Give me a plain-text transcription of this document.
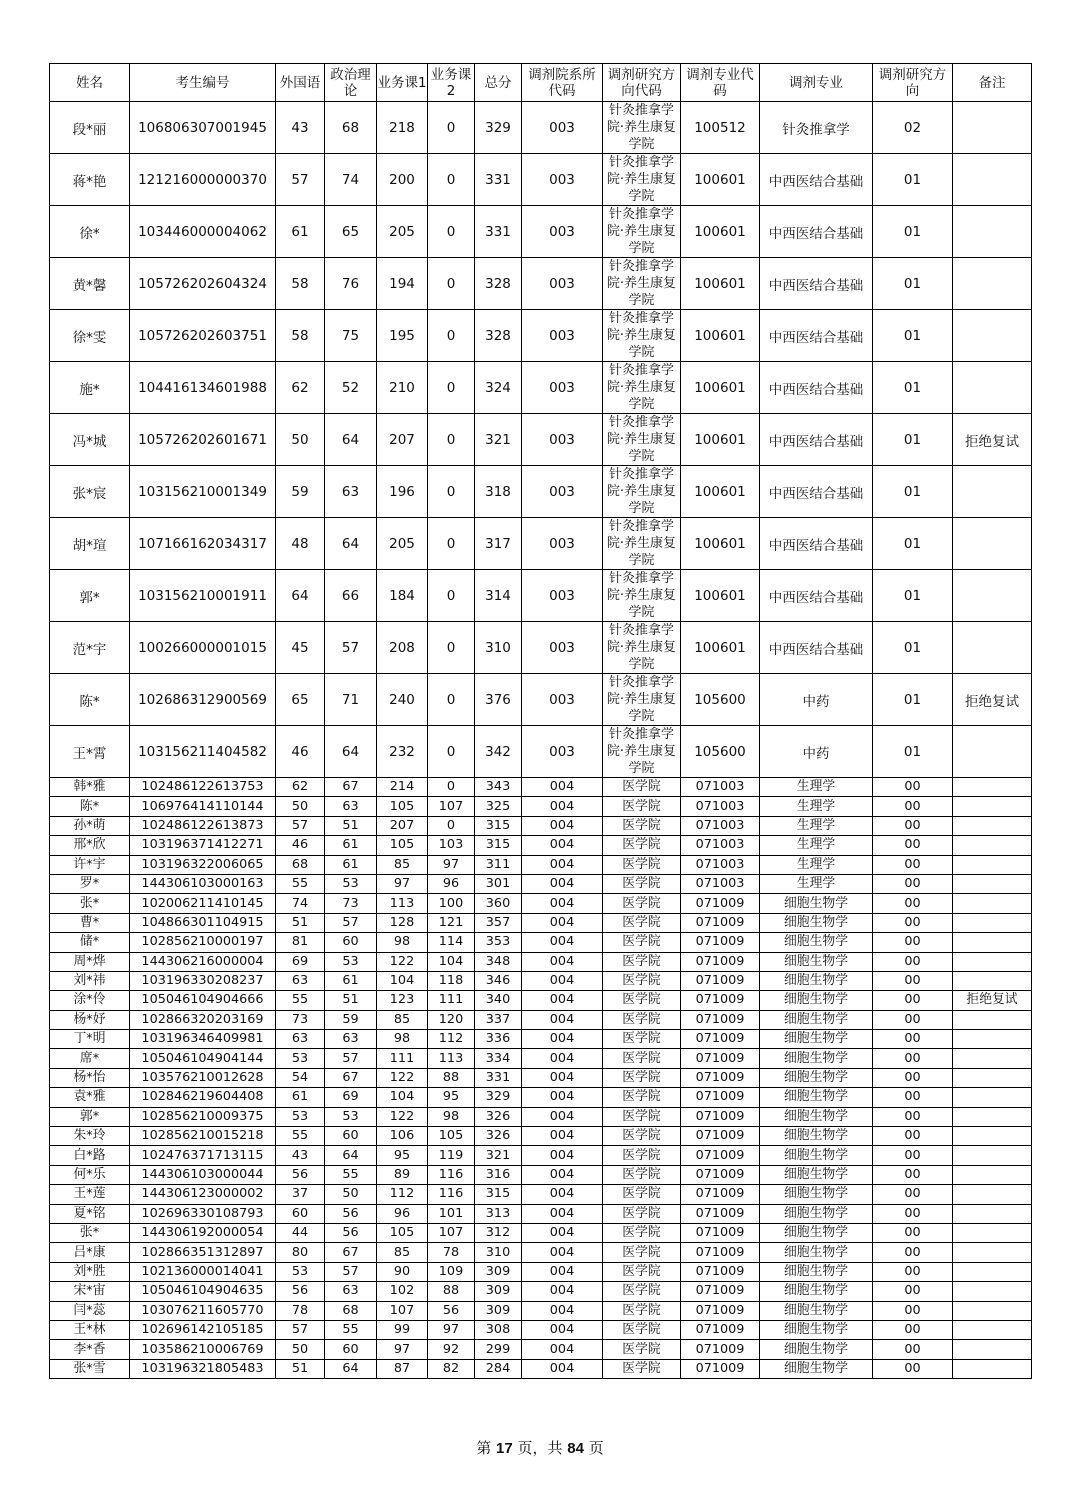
姓名	考生编号	外国语	政治理论	业务课1	业务课2	总分	调剂院系所代码	调剂研究方向代码	调剂专业代码	调剂专业	调剂研究方向	备注
段*丽	106806307001945	43	68	218	0	329	003	针灸推拿学院·养生康复学院	100512	针灸推拿学	02	
蒋*艳	121216000000370	57	74	200	0	331	003	针灸推拿学院·养生康复学院	100601	中西医结合基础	01	
徐*	103446000004062	61	65	205	0	331	003	针灸推拿学院·养生康复学院	100601	中西医结合基础	01	
黄*馨	105726202604324	58	76	194	0	328	003	针灸推拿学院·养生康复学院	100601	中西医结合基础	01	
徐*雯	105726202603751	58	75	195	0	328	003	针灸推拿学院·养生康复学院	100601	中西医结合基础	01	
施*	104416134601988	62	52	210	0	324	003	针灸推拿学院·养生康复学院	100601	中西医结合基础	01	
冯*城	105726202601671	50	64	207	0	321	003	针灸推拿学院·养生康复学院	100601	中西医结合基础	01	拒绝复试
张*宸	103156210001349	59	63	196	0	318	003	针灸推拿学院·养生康复学院	100601	中西医结合基础	01	
胡*瑄	107166162034317	48	64	205	0	317	003	针灸推拿学院·养生康复学院	100601	中西医结合基础	01	
郭*	103156210001911	64	66	184	0	314	003	针灸推拿学院·养生康复学院	100601	中西医结合基础	01	
范*宇	100266000001015	45	57	208	0	310	003	针灸推拿学院·养生康复学院	100601	中西医结合基础	01	
陈*	102686312900569	65	71	240	0	376	003	针灸推拿学院·养生康复学院	105600	中药	01	拒绝复试
王*霄	103156211404582	46	64	232	0	342	003	针灸推拿学院·养生康复学院	105600	中药	01	
韩*雅	102486122613753	62	67	214	0	343	004	医学院	071003	生理学	00	
陈*	106976414110144	50	63	105	107	325	004	医学院	071003	生理学	00	
孙*萌	102486122613873	57	51	207	0	315	004	医学院	071003	生理学	00	
邢*欣	103196371412271	46	61	105	103	315	004	医学院	071003	生理学	00	
许*宇	103196322006065	68	61	85	97	311	004	医学院	071003	生理学	00	
罗*	144306103000163	55	53	97	96	301	004	医学院	071003	生理学	00	
张*	102006211410145	74	73	113	100	360	004	医学院	071009	细胞生物学	00	
曹*	104866301104915	51	57	128	121	357	004	医学院	071009	细胞生物学	00	
储*	102856210000197	81	60	98	114	353	004	医学院	071009	细胞生物学	00	
周*烨	144306216000004	69	53	122	104	348	004	医学院	071009	细胞生物学	00	
刘*祎	103196330208237	63	61	104	118	346	004	医学院	071009	细胞生物学	00	
涂*伶	105046104904666	55	51	123	111	340	004	医学院	071009	细胞生物学	00	拒绝复试
杨*妤	102866320203169	73	59	85	120	337	004	医学院	071009	细胞生物学	00	
丁*明	103196346409981	63	63	98	112	336	004	医学院	071009	细胞生物学	00	
席*	105046104904144	53	57	111	113	334	004	医学院	071009	细胞生物学	00	
杨*怡	103576210012628	54	67	122	88	331	004	医学院	071009	细胞生物学	00	
袁*雅	102846219604408	61	69	104	95	329	004	医学院	071009	细胞生物学	00	
郭*	102856210009375	53	53	122	98	326	004	医学院	071009	细胞生物学	00	
朱*玲	102856210015218	55	60	106	105	326	004	医学院	071009	细胞生物学	00	
白*路	102476371713115	43	64	95	119	321	004	医学院	071009	细胞生物学	00	
何*乐	144306103000044	56	55	89	116	316	004	医学院	071009	细胞生物学	00	
王*莲	144306123000002	37	50	112	116	315	004	医学院	071009	细胞生物学	00	
夏*铭	102696330108793	60	56	96	101	313	004	医学院	071009	细胞生物学	00	
张*	144306192000054	44	56	105	107	312	004	医学院	071009	细胞生物学	00	
吕*康	102866351312897	80	67	85	78	310	004	医学院	071009	细胞生物学	00	
刘*胜	102136000014041	53	57	90	109	309	004	医学院	071009	细胞生物学	00	
宋*宙	105046104904635	56	63	102	88	309	004	医学院	071009	细胞生物学	00	
闫*蕊	103076211605770	78	68	107	56	309	004	医学院	071009	细胞生物学	00	
王*林	102696142105185	57	55	99	97	308	004	医学院	071009	细胞生物学	00	
李*香	103586210006769	50	60	97	92	299	004	医学院	071009	细胞生物学	00	
张*雪	103196321805483	51	64	87	82	284	004	医学院	071009	细胞生物学	00	
第 17 页，共 84 页
